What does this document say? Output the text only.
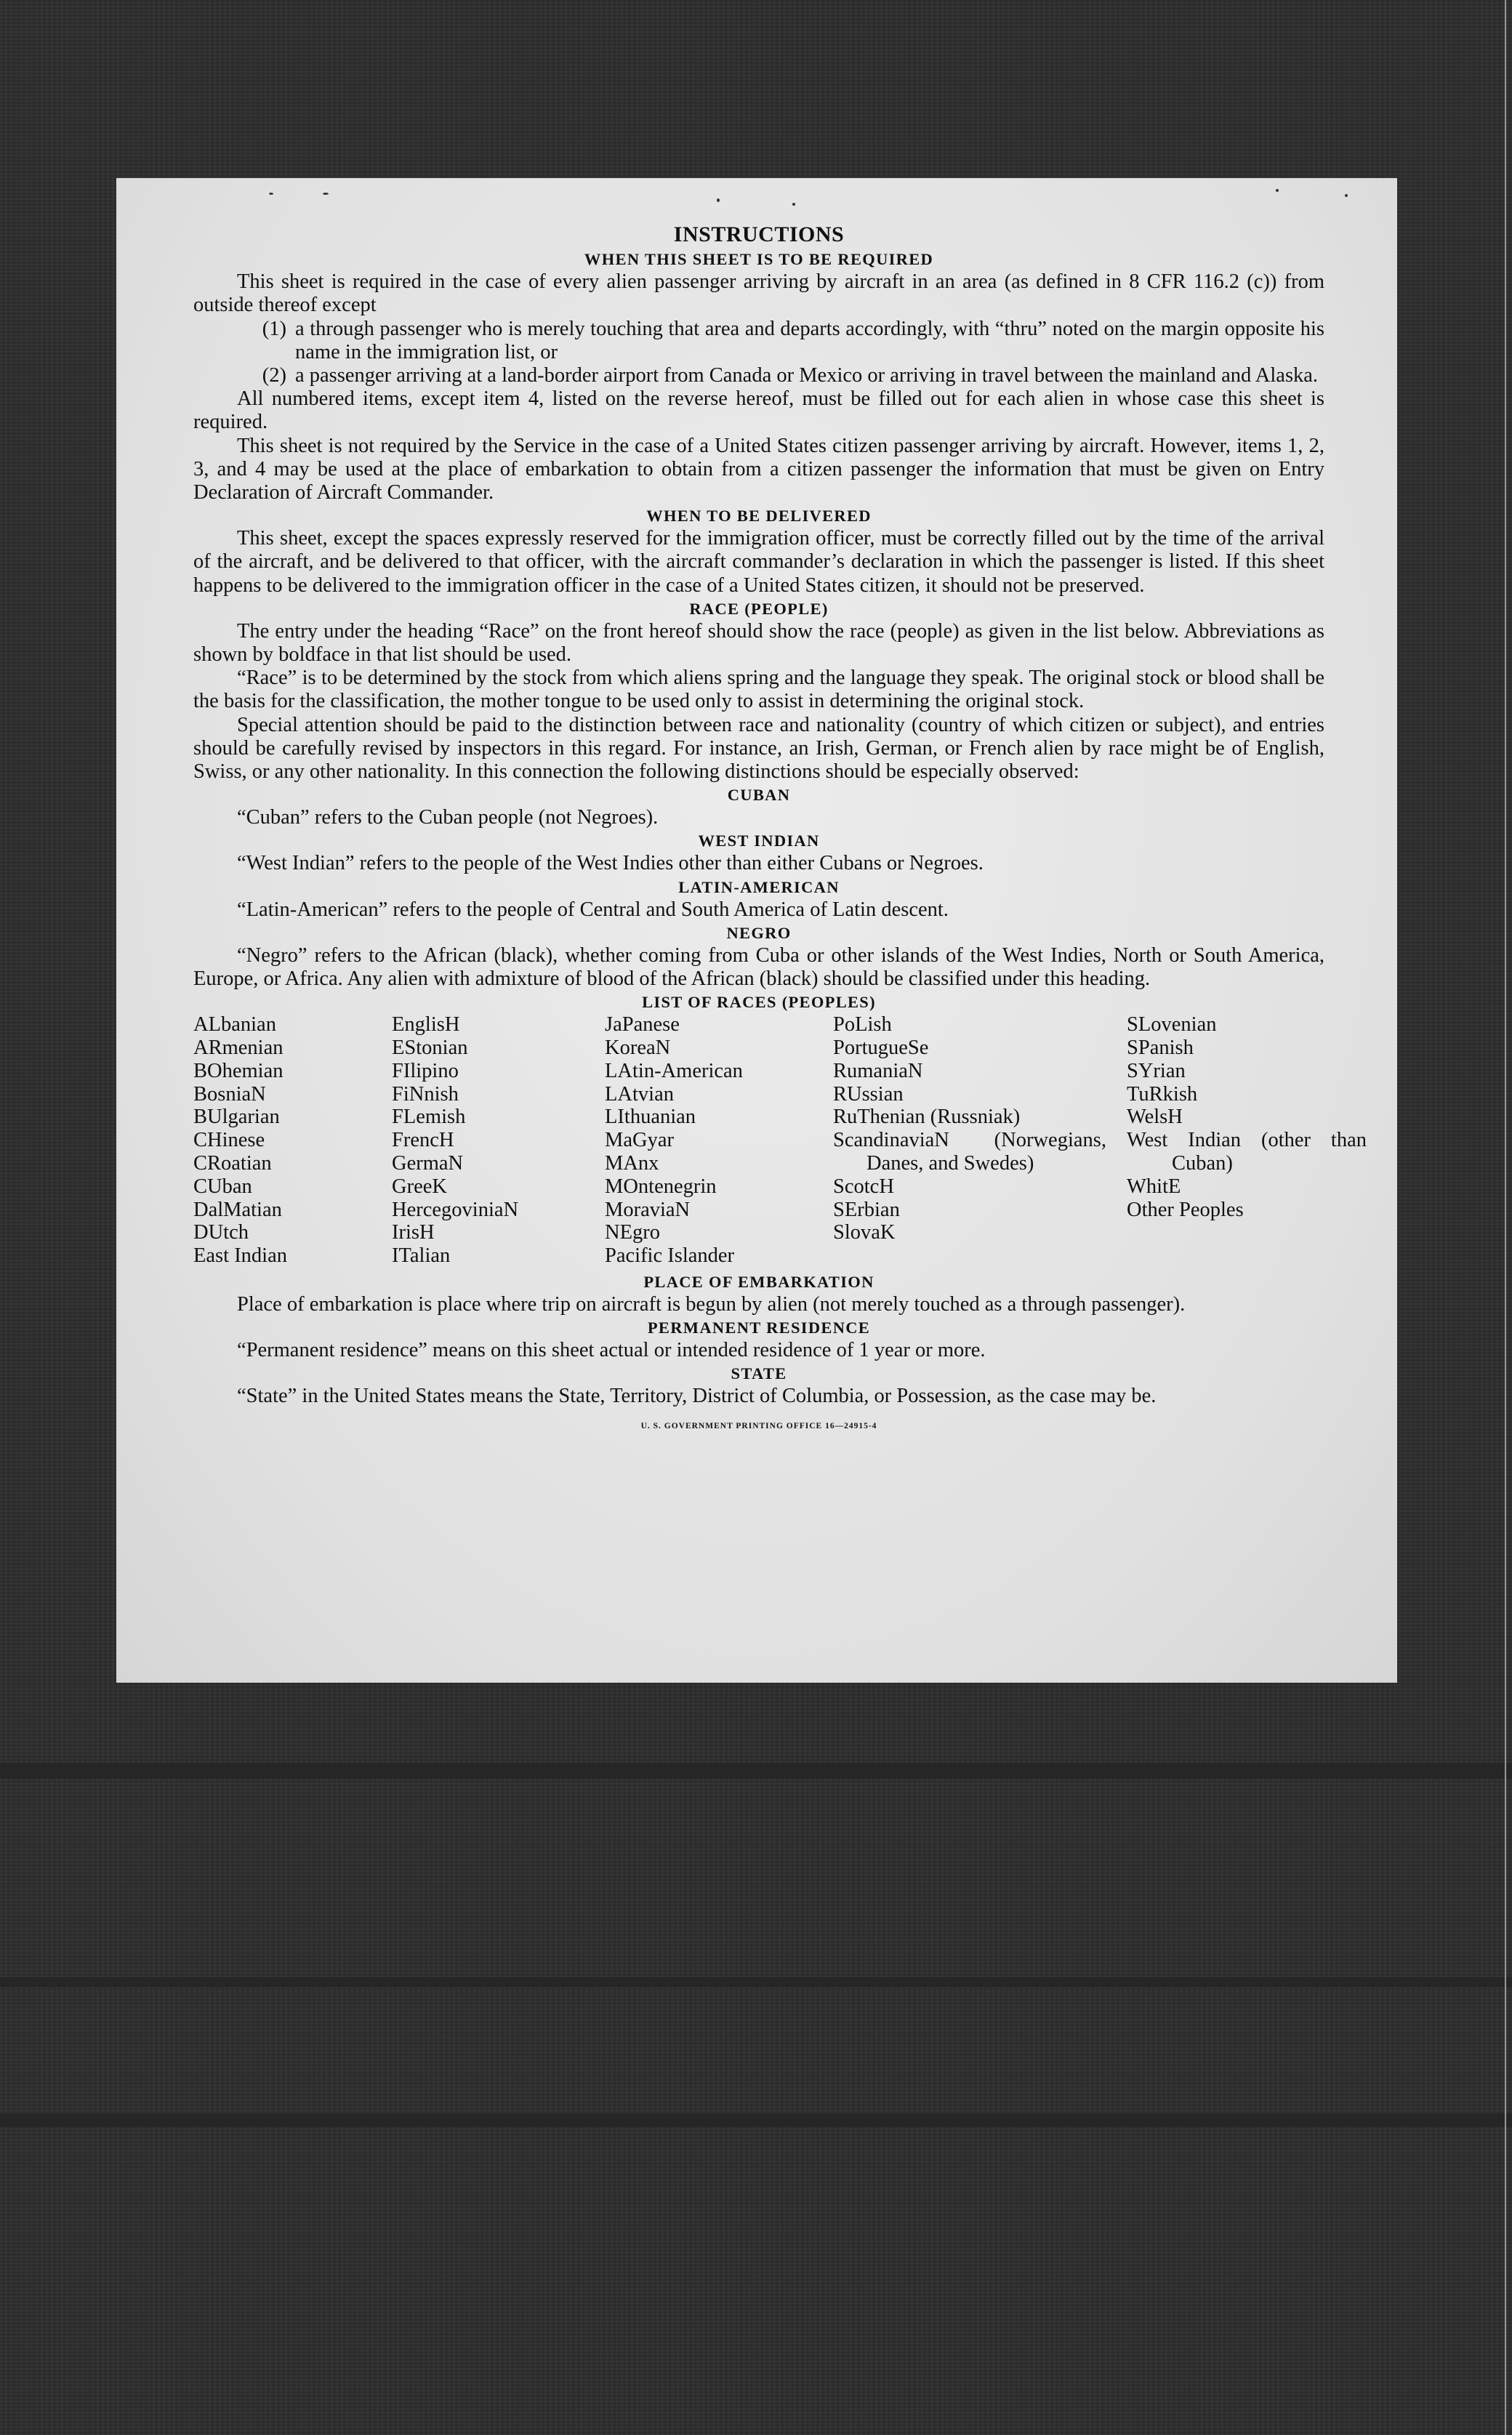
INSTRUCTIONS
WHEN THIS SHEET IS TO BE REQUIRED

This sheet is required in the case of every alien passenger arriving by aircraft in an area (as defined in 8 CFR 116.2 (c)) from outside thereof except

(1) a through passenger who is merely touching that area and departs accordingly, with “thru” noted on the margin opposite his name in the immigration list, or
(2) a passenger arriving at a land-border airport from Canada or Mexico or arriving in travel between the mainland and Alaska.

All numbered items, except item 4, listed on the reverse hereof, must be filled out for each alien in whose case this sheet is required.

This sheet is not required by the Service in the case of a United States citizen passenger arriving by aircraft. However, items 1, 2, 3, and 4 may be used at the place of embarkation to obtain from a citizen passenger the information that must be given on Entry Declaration of Aircraft Commander.

WHEN TO BE DELIVERED

This sheet, except the spaces expressly reserved for the immigration officer, must be correctly filled out by the time of the arrival of the aircraft, and be delivered to that officer, with the aircraft commander’s declaration in which the passenger is listed. If this sheet happens to be delivered to the immigration officer in the case of a United States citizen, it should not be preserved.

RACE (PEOPLE)

The entry under the heading “Race” on the front hereof should show the race (people) as given in the list below. Abbreviations as shown by boldface in that list should be used.

“Race” is to be determined by the stock from which aliens spring and the language they speak. The original stock or blood shall be the basis for the classification, the mother tongue to be used only to assist in determining the original stock.

Special attention should be paid to the distinction between race and nationality (country of which citizen or subject), and entries should be carefully revised by inspectors in this regard. For instance, an Irish, German, or French alien by race might be of English, Swiss, or any other nationality. In this connection the following distinctions should be especially observed:

CUBAN

“Cuban” refers to the Cuban people (not Negroes).

WEST INDIAN

“West Indian” refers to the people of the West Indies other than either Cubans or Negroes.

LATIN-AMERICAN

“Latin-American” refers to the people of Central and South America of Latin descent.

NEGRO

“Negro” refers to the African (black), whether coming from Cuba or other islands of the West Indies, North or South America, Europe, or Africa. Any alien with admixture of blood of the African (black) should be classified under this heading.

LIST OF RACES (PEOPLES)
ALbanian
ARmenian
BOhemian
BosniaN
BUlgarian
CHinese
CRoatian
CUban
DalMatian
DUtch
East Indian
EnglisH
EStonian
FIlipino
FiNnish
FLemish
FrencH
GermaN
GreeK
HercegoviniaN
IrisH
ITalian
JaPanese
KoreaN
LAtin-American
LAtvian
LIthuanian
MaGyar
MAnx
MOntenegrin
MoraviaN
NEgro
Pacific Islander
PoLish
PortugueSe
RumaniaN
RUssian
RuThenian (Russniak)
ScandinaviaN (Norwegians, Danes, and Swedes)
ScotcH
SErbian
SlovaK
SLovenian
SPanish
SYrian
TuRkish
WelsH
West Indian (other than Cuban)
WhitE
Other Peoples
PLACE OF EMBARKATION

Place of embarkation is place where trip on aircraft is begun by alien (not merely touched as a through passenger).

PERMANENT RESIDENCE

“Permanent residence” means on this sheet actual or intended residence of 1 year or more.

STATE

“State” in the United States means the State, Territory, District of Columbia, or Possession, as the case may be.

U. S. GOVERNMENT PRINTING OFFICE 16—24915-4
